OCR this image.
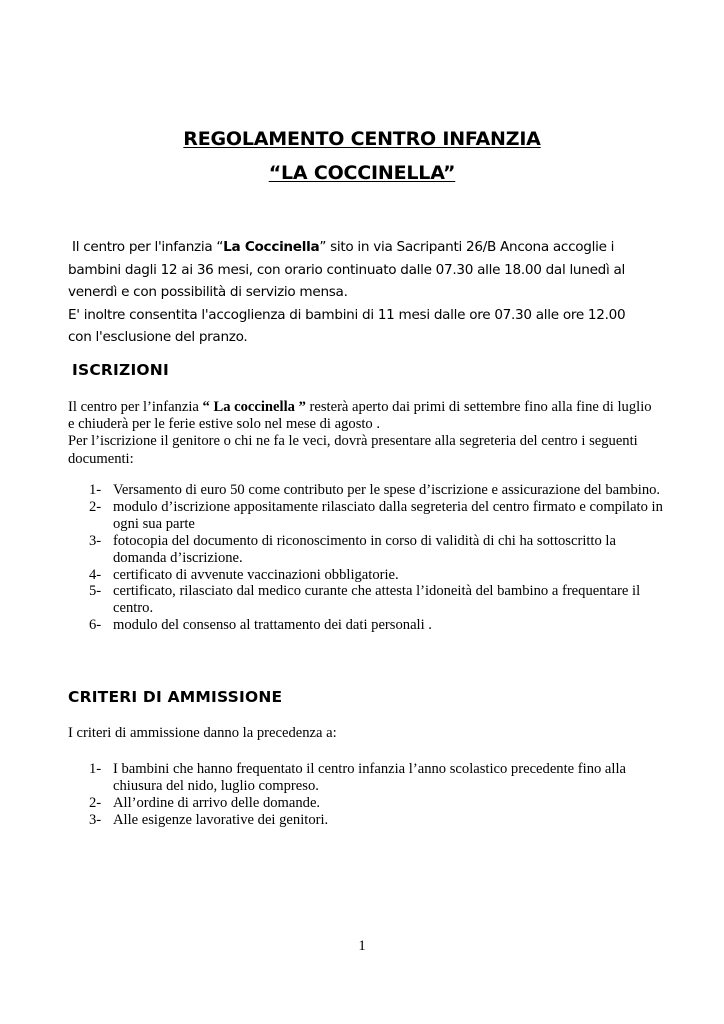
REGOLAMENTO CENTRO INFANZIA
“LA COCCINELLA”

Il centro per l'infanzia “La Coccinella” sito in via Sacripanti 26/B Ancona accoglie i

bambini dagli 12 ai 36 mesi, con orario continuato dalle 07.30 alle 18.00 dal lunedì al

venerdì e con possibilità di servizio mensa.

E' inoltre consentita l'accoglienza di bambini di 11 mesi dalle ore 07.30 alle ore 12.00

con l'esclusione del pranzo.

ISCRIZIONI

Il centro per l’infanzia “ La coccinella ” resterà aperto dai primi di settembre fino alla fine di luglio e chiuderà per le ferie estive solo nel mese di agosto .

Per l’iscrizione il genitore o chi ne fa le veci, dovrà presentare alla segreteria del centro i seguenti documenti:

1- Versamento di euro 50 come contributo per le spese d’iscrizione e assicurazione del bambino.
2- modulo d’iscrizione appositamente rilasciato dalla segreteria del centro firmato e compilato in ogni sua parte
3- fotocopia del documento di riconoscimento in corso di validità di chi ha sottoscritto la domanda d’iscrizione.
4- certificato di avvenute vaccinazioni obbligatorie.
5- certificato, rilasciato dal medico curante che attesta l’idoneità del bambino a frequentare il centro.
6- modulo del consenso al trattamento dei dati personali .
CRITERI DI AMMISSIONE

I criteri di ammissione danno la precedenza a:

1- I bambini che hanno frequentato il centro infanzia l’anno scolastico precedente fino alla chiusura del nido, luglio compreso.
2- All’ordine di arrivo delle domande.
3- Alle esigenze lavorative dei genitori.

1
